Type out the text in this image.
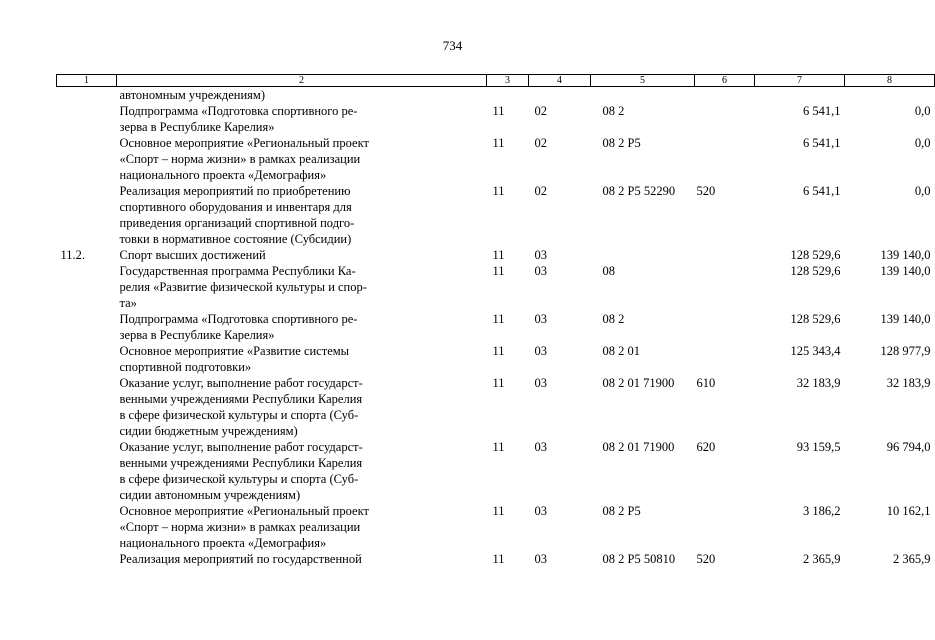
734
1	2	3	4	5	6	7	8

	автономным учреждениям)						

	Подпрограмма «Подготовка спортивного ре-
зерва в Республике Карелия»	11	02	08 2		6 541,1	0,0

	Основное мероприятие «Региональный проект
«Спорт – норма жизни» в рамках реализации
национального проекта «Демография»	11	02	08 2 P5		6 541,1	0,0

	Реализация мероприятий по приобретению
спортивного оборудования и инвентаря для
приведения организаций спортивной подго-
товки в нормативное состояние (Субсидии)	11	02	08 2 P5 52290	520	6 541,1	0,0
11.2.	Спорт высших достижений	11	03			128 529,6	139 140,0

	Государственная программа Республики Ка-
релия «Развитие физической культуры и спор-
та»	11	03	08		128 529,6	139 140,0

	Подпрограмма «Подготовка спортивного ре-
зерва в Республике Карелия»	11	03	08 2		128 529,6	139 140,0

	Основное мероприятие «Развитие системы
спортивной подготовки»	11	03	08 2 01		125 343,4	128 977,9

	Оказание услуг, выполнение работ государст-
венными учреждениями Республики Карелия
в сфере физической культуры и спорта (Суб-
сидии бюджетным учреждениям)	11	03	08 2 01 71900	610	32 183,9	32 183,9

	Оказание услуг, выполнение работ государст-
венными учреждениями Республики Карелия
в сфере физической культуры и спорта (Суб-
сидии автономным учреждениям)	11	03	08 2 01 71900	620	93 159,5	96 794,0

	Основное мероприятие «Региональный проект
«Спорт – норма жизни» в рамках реализации
национального проекта «Демография»	11	03	08 2 P5		3 186,2	10 162,1

	Реализация мероприятий по государственной	11	03	08 2 P5 50810	520	2 365,9	2 365,9
